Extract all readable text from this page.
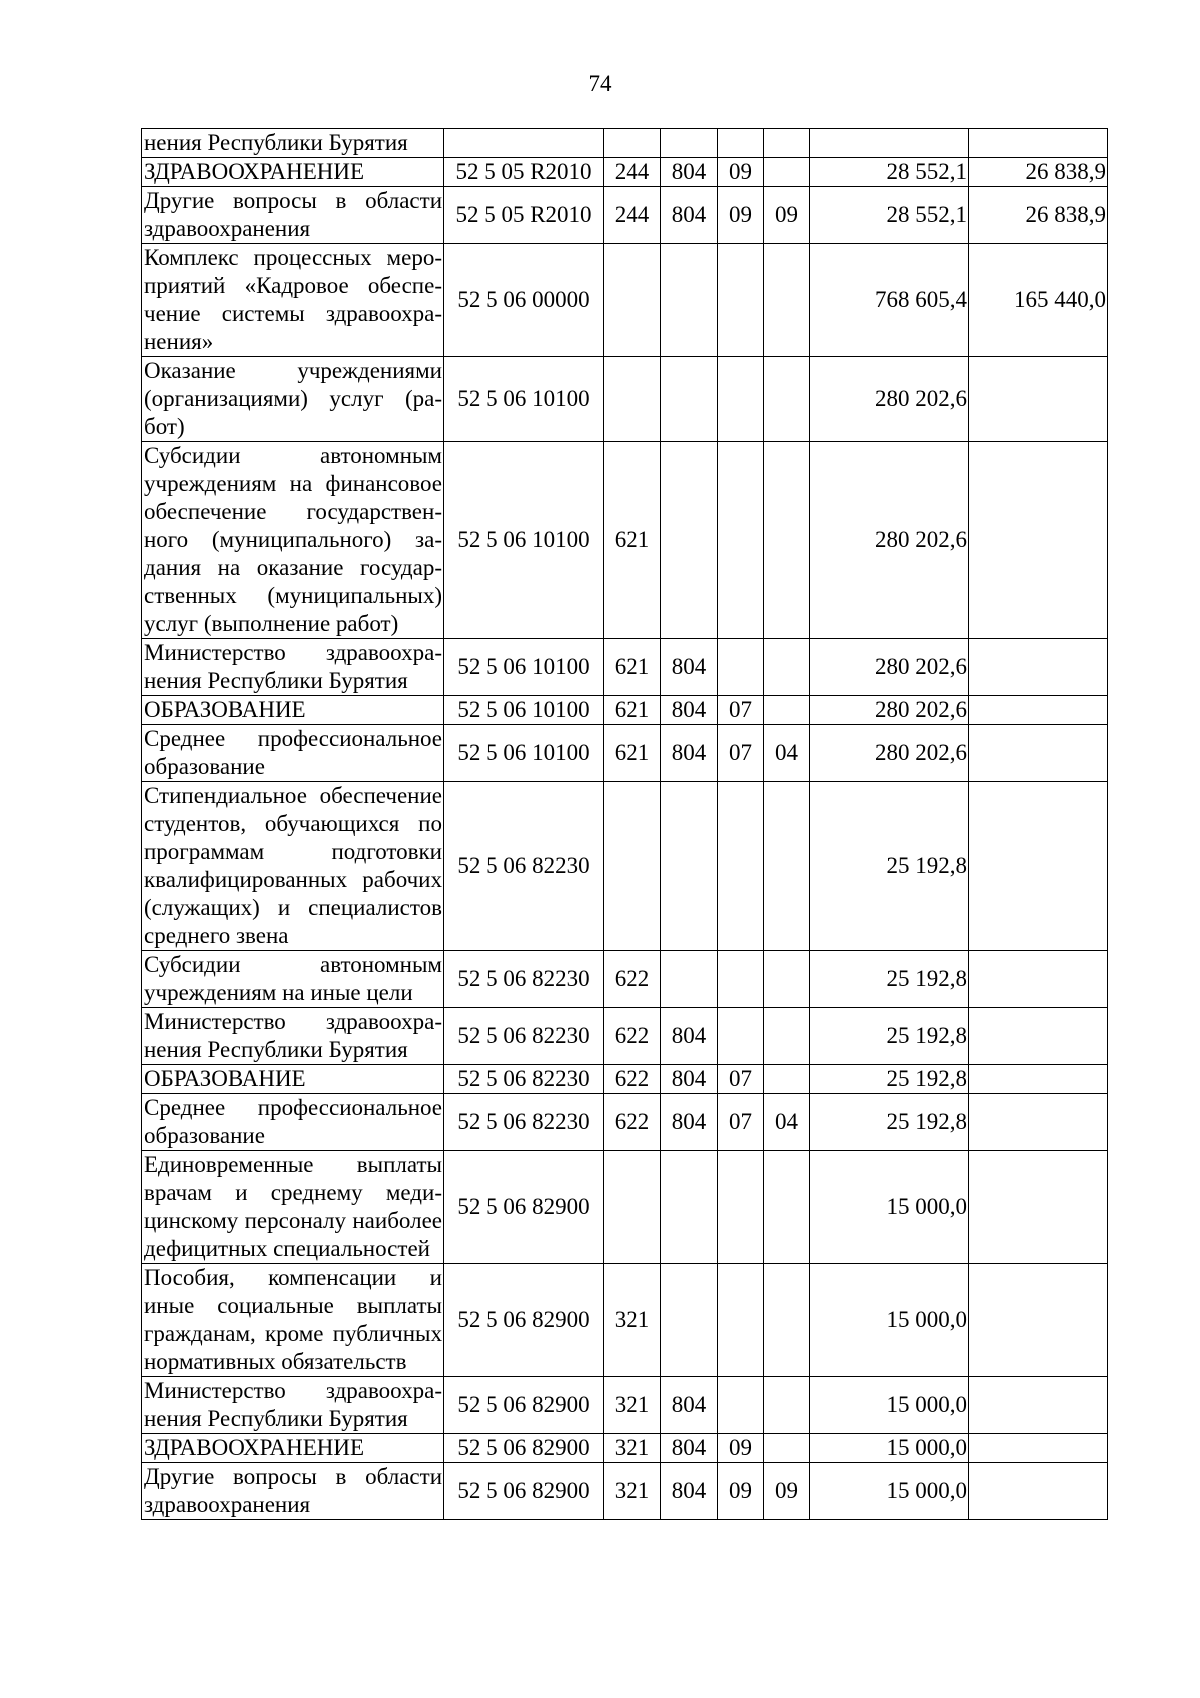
74
нения Республики Бурятия							
ЗДРАВООХРАНЕНИЕ	52 5 05 R2010	244	804	09		28 552,1	26 838,9
Другие вопросы в области здравоохранения	52 5 05 R2010	244	804	09	09	28 552,1	26 838,9
Комплекс процессных мероприятий «Кадровое обеспечение системы здравоохранения»	52 5 06 00000					768 605,4	165 440,0
Оказание учреждениями (организациями) услуг (работ)	52 5 06 10100					280 202,6	
Субсидии автономным учреждениям на финансовое обеспечение государственного (муниципального) задания на оказание государственных (муниципальных) услуг (выполнение работ)	52 5 06 10100	621				280 202,6	
Министерство здравоохранения Республики Бурятия	52 5 06 10100	621	804			280 202,6	
ОБРАЗОВАНИЕ	52 5 06 10100	621	804	07		280 202,6	
Среднее профессиональное образование	52 5 06 10100	621	804	07	04	280 202,6	
Стипендиальное обеспечение студентов, обучающихся по программам подготовки квалифицированных рабочих (служащих) и специалистов среднего звена	52 5 06 82230					25 192,8	
Субсидии автономным учреждениям на иные цели	52 5 06 82230	622				25 192,8	
Министерство здравоохранения Республики Бурятия	52 5 06 82230	622	804			25 192,8	
ОБРАЗОВАНИЕ	52 5 06 82230	622	804	07		25 192,8	
Среднее профессиональное образование	52 5 06 82230	622	804	07	04	25 192,8	
Единовременные выплаты врачам и среднему медицинскому персоналу наиболее дефицитных специальностей	52 5 06 82900					15 000,0	
Пособия, компенсации и иные социальные выплаты гражданам, кроме публичных нормативных обязательств	52 5 06 82900	321				15 000,0	
Министерство здравоохранения Республики Бурятия	52 5 06 82900	321	804			15 000,0	
ЗДРАВООХРАНЕНИЕ	52 5 06 82900	321	804	09		15 000,0	
Другие вопросы в области здравоохранения	52 5 06 82900	321	804	09	09	15 000,0	
